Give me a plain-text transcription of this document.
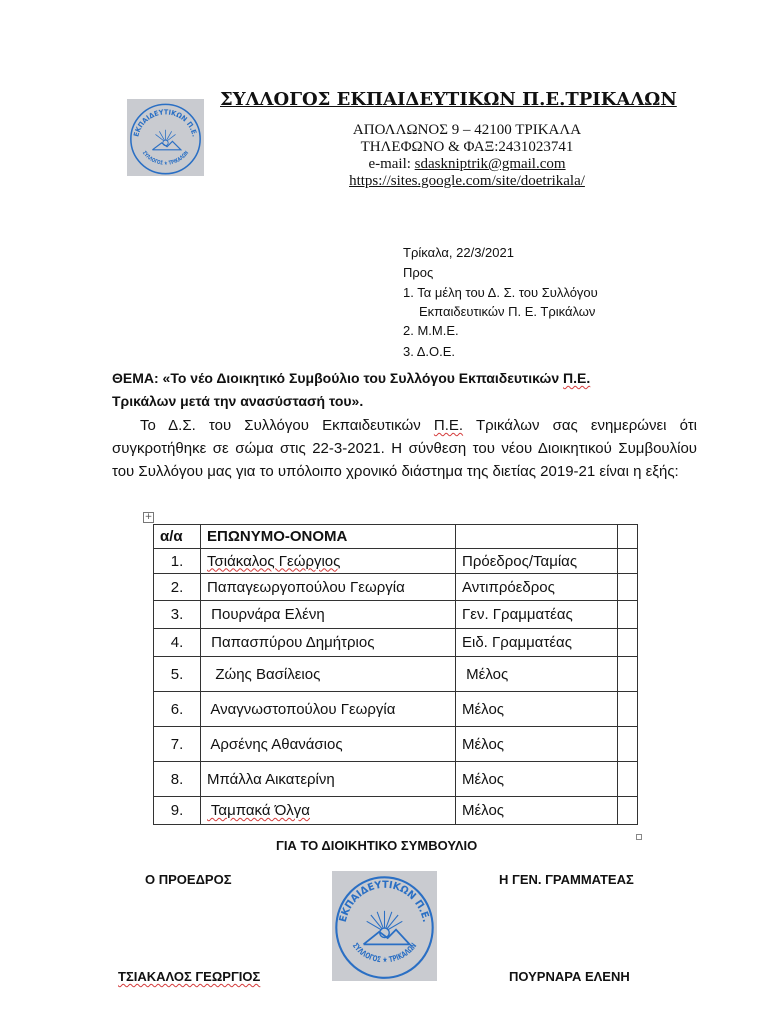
ΕΚΠΑΙΔΕΥΤΙΚΩΝ Π.Ε.
ΣΥΛΛΟΓΟΣ ★ ΤΡΙΚΑΛΩΝ
ΣΥΛΛΟΓΟΣ ΕΚΠΑΙΔΕΥΤΙΚΩΝ Π.Ε.ΤΡΙΚΑΛΩΝ
ΑΠΟΛΛΩΝΟΣ 9 – 42100 ΤΡΙΚΑΛΑ
ΤΗΛΕΦΩΝΟ & ΦΑΞ:2431023741
e-mail: sdaskniptrik@gmail.com
https://sites.google.com/site/doetrikala/
Τρίκαλα, 22/3/2021
Προς
1. Τα μέλη του Δ. Σ. του Συλλόγου
Εκπαιδευτικών Π. Ε. Τρικάλων
2. Μ.Μ.Ε.
3. Δ.Ο.Ε.
ΘΕΜΑ: «Το νέο Διοικητικό Συμβούλιο του Συλλόγου Εκπαιδευτικών Π.Ε.
Τρικάλων μετά την ανασύστασή του».
Το Δ.Σ. του Συλλόγου Εκπαιδευτικών Π.Ε. Τρικάλων σας ενημερώνει ότι συγκροτήθηκε σε σώμα στις 22-3-2021. Η σύνθεση του νέου Διοικητικού Συμβουλίου του Συλλόγου μας για το υπόλοιπο χρονικό διάστημα της διετίας 2019-21 είναι η εξής:
+
α/α	ΕΠΩΝΥΜΟ-ΟΝΟΜΑ		
1.	Τσιάκαλος Γεώργιος	Πρόεδρος/Ταμίας	
2.	Παπαγεωργοπούλου Γεωργία	Αντιπρόεδρος	
3.	Πουρνάρα Ελένη	Γεν. Γραμματέας	
4.	Παπασπύρου Δημήτριος	Ειδ. Γραμματέας	
5.	Ζώης Βασίλειος	Μέλος	
6.	Αναγνωστοπούλου Γεωργία	Μέλος	
7.	Αρσένης Αθανάσιος	Μέλος	
8.	Μπάλλα Αικατερίνη	Μέλος	
9.	Ταμπακά Όλγα	Μέλος	
ΓΙΑ ΤΟ ΔΙΟΙΚΗΤΙΚΟ ΣΥΜΒΟΥΛΙΟ
Ο ΠΡΟΕΔΡΟΣ	Η ΓΕΝ. ΓΡΑΜΜΑΤΕΑΣ
ΤΣΙΑΚΑΛΟΣ ΓΕΩΡΓΙΟΣ	ΠΟΥΡΝΑΡΑ ΕΛΕΝΗ
ΕΚΠΑΙΔΕΥΤΙΚΩΝ Π.Ε.
ΣΥΛΛΟΓΟΣ ★ ΤΡΙΚΑΛΩΝ
